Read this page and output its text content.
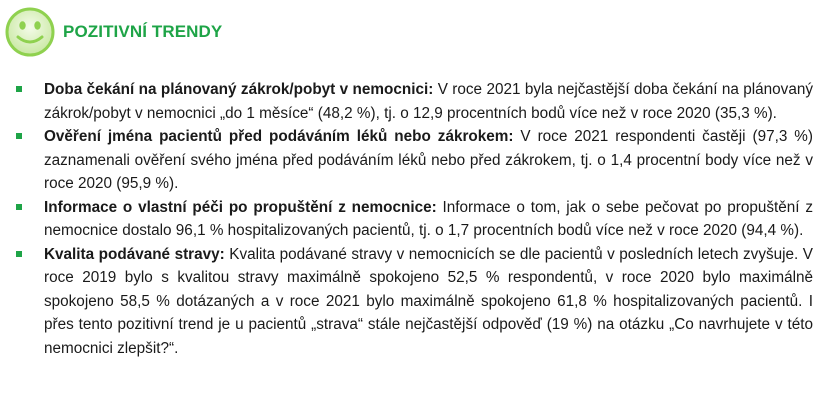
POZITIVNÍ TRENDY
Doba čekání na plánovaný zákrok/pobyt v nemocnici: V roce 2021 byla nejčastější doba čekání na plánovaný zákrok/pobyt v nemocnici „do 1 měsíce“ (48,2 %), tj. o 12,9 procentních bodů více než v roce 2020 (35,3 %).
Ověření jména pacientů před podáváním léků nebo zákrokem: V roce 2021 respondenti častěji (97,3 %) zaznamenali ověření svého jména před podáváním léků nebo před zákrokem, tj. o 1,4 procentní body více než v roce 2020 (95,9 %).
Informace o vlastní péči po propuštění z nemocnice: Informace o tom, jak o sebe pečovat po propuštění z nemocnice dostalo 96,1 % hospitalizovaných pacientů, tj. o 1,7 procentních bodů více než v roce 2020 (94,4 %).
Kvalita podávané stravy: Kvalita podávané stravy v nemocnicích se dle pacientů v posledních letech zvyšuje. V roce 2019 bylo s kvalitou stravy maximálně spokojeno 52,5 % respondentů, v roce 2020 bylo maximálně spokojeno 58,5 % dotázaných a v roce 2021 bylo maximálně spokojeno 61,8 % hospitalizovaných pacientů. I přes tento pozitivní trend je u pacientů „strava“ stále nejčastější odpověď (19 %) na otázku „Co navrhujete v této nemocnici zlepšit?“.
